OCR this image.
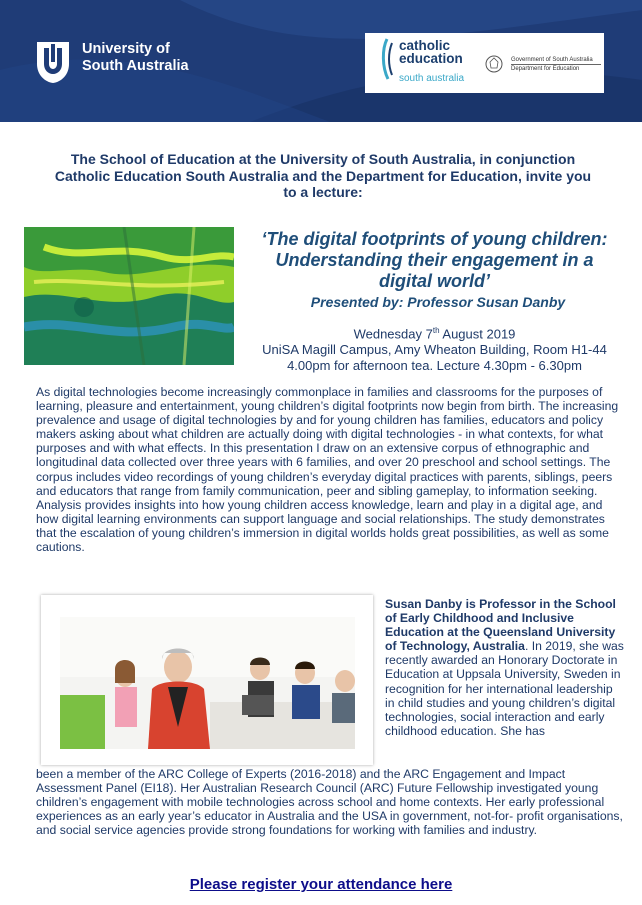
University of
South Australia
catholic
education
south australia
Government of South Australia
Department for Education
The School of Education at the University of South Australia, in conjunction
Catholic Education South Australia and the Department for Education, invite you
to a lecture:
‘The digital footprints of young children:
Understanding their engagement in a
digital world’
Presented by: Professor Susan Danby
Wednesday 7th August 2019
UniSA Magill Campus, Amy Wheaton Building, Room H1-44
4.00pm for afternoon tea. Lecture 4.30pm - 6.30pm
As digital technologies become increasingly commonplace in families and classrooms for the purposes of learning, pleasure and entertainment, young children’s digital footprints now begin from birth. The increasing prevalence and usage of digital technologies by and for young children has families, educators and policy makers asking about what children are actually doing with digital technologies - in what contexts, for what purposes and with what effects. In this presentation I draw on an extensive corpus of ethnographic and longitudinal data collected over three years with 6 families, and over 20 preschool and school settings. The corpus includes video recordings of young children’s everyday digital practices with parents, siblings, peers and educators that range from family communication, peer and sibling gameplay, to information seeking. Analysis provides insights into how young children access knowledge, learn and play in a digital age, and how digital learning environments can support language and social relationships. The study demonstrates that the escalation of young children’s immersion in digital worlds holds great possibilities, as well as some cautions.
Susan Danby is Professor in the School of Early Childhood and Inclusive Education at the Queensland University of Technology, Australia. In 2019, she was recently awarded an Honorary Doctorate in Education at Uppsala University, Sweden in recognition for her international leadership in child studies and young children’s digital technologies, social interaction and early childhood education. She has
been a member of the ARC College of Experts (2016-2018) and the ARC Engagement and Impact Assessment Panel (EI18). Her Australian Research Council (ARC) Future Fellowship investigated young children’s engagement with mobile technologies across school and home contexts. Her early professional experiences as an early year’s educator in Australia and the USA in government, not-for- profit organisations, and social service agencies provide strong foundations for working with families and industry.
Please register your attendance here
